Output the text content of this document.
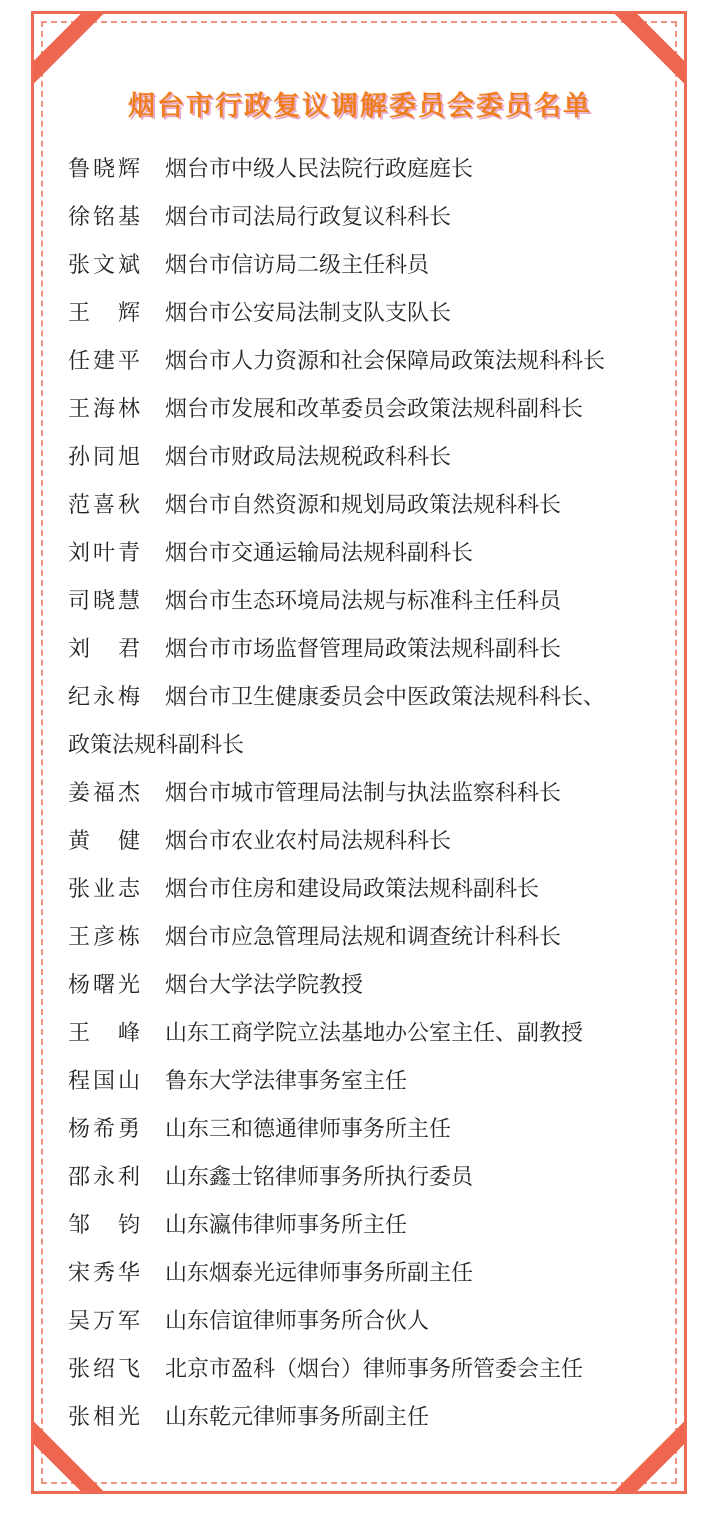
烟台市行政复议调解委员会委员名单
鲁晓辉 烟台市中级人民法院行政庭庭长
徐铭基 烟台市司法局行政复议科科长
张文斌 烟台市信访局二级主任科员
王　辉 烟台市公安局法制支队支队长
任建平 烟台市人力资源和社会保障局政策法规科科长
王海林 烟台市发展和改革委员会政策法规科副科长
孙同旭 烟台市财政局法规税政科科长
范喜秋 烟台市自然资源和规划局政策法规科科长
刘叶青 烟台市交通运输局法规科副科长
司晓慧 烟台市生态环境局法规与标准科主任科员
刘　君 烟台市市场监督管理局政策法规科副科长
纪永梅 烟台市卫生健康委员会中医政策法规科科长、
政策法规科副科长
姜福杰 烟台市城市管理局法制与执法监察科科长
黄　健 烟台市农业农村局法规科科长
张业志 烟台市住房和建设局政策法规科副科长
王彦栋 烟台市应急管理局法规和调查统计科科长
杨曙光 烟台大学法学院教授
王　峰 山东工商学院立法基地办公室主任、副教授
程国山 鲁东大学法律事务室主任
杨希勇 山东三和德通律师事务所主任
邵永利 山东鑫士铭律师事务所执行委员
邹　钧 山东瀛伟律师事务所主任
宋秀华 山东烟泰光远律师事务所副主任
吴万军 山东信谊律师事务所合伙人
张绍飞 北京市盈科（烟台）律师事务所管委会主任
张相光 山东乾元律师事务所副主任
